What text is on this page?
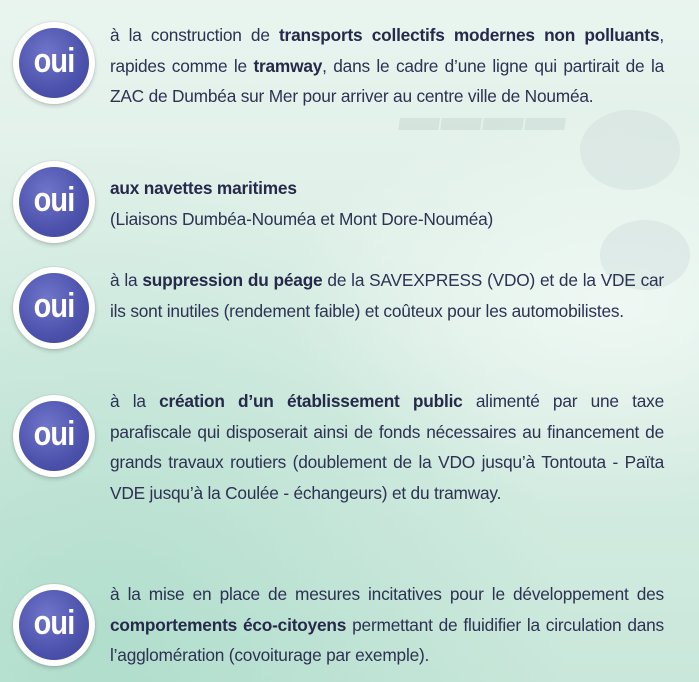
▬▬▬▬
oui
à la construction de transports collectifs modernes non polluants, rapides comme le tramway, dans le cadre d’une ligne qui partirait de la ZAC de Dumbéa sur Mer pour arriver au centre ville de Nouméa.
oui aux navettes maritimes
(Liaisons Dumbéa-Nouméa et Mont Dore-Nouméa)
oui
à la suppression du péage de la SAVEXPRESS (VDO) et de la VDE car ils sont inutiles (rendement faible) et coûteux pour les automobilistes.
oui
à la création d’un établissement public alimenté par une taxe parafiscale qui disposerait ainsi de fonds nécessaires au financement de grands travaux routiers (doublement de la VDO jusqu’à Tontouta - Païta VDE jusqu’à la Coulée - échangeurs) et du tramway.
oui
à la mise en place de mesures incitatives pour le développement des comportements éco-citoyens permettant de fluidifier la circulation dans l’agglomération (covoiturage par exemple).
